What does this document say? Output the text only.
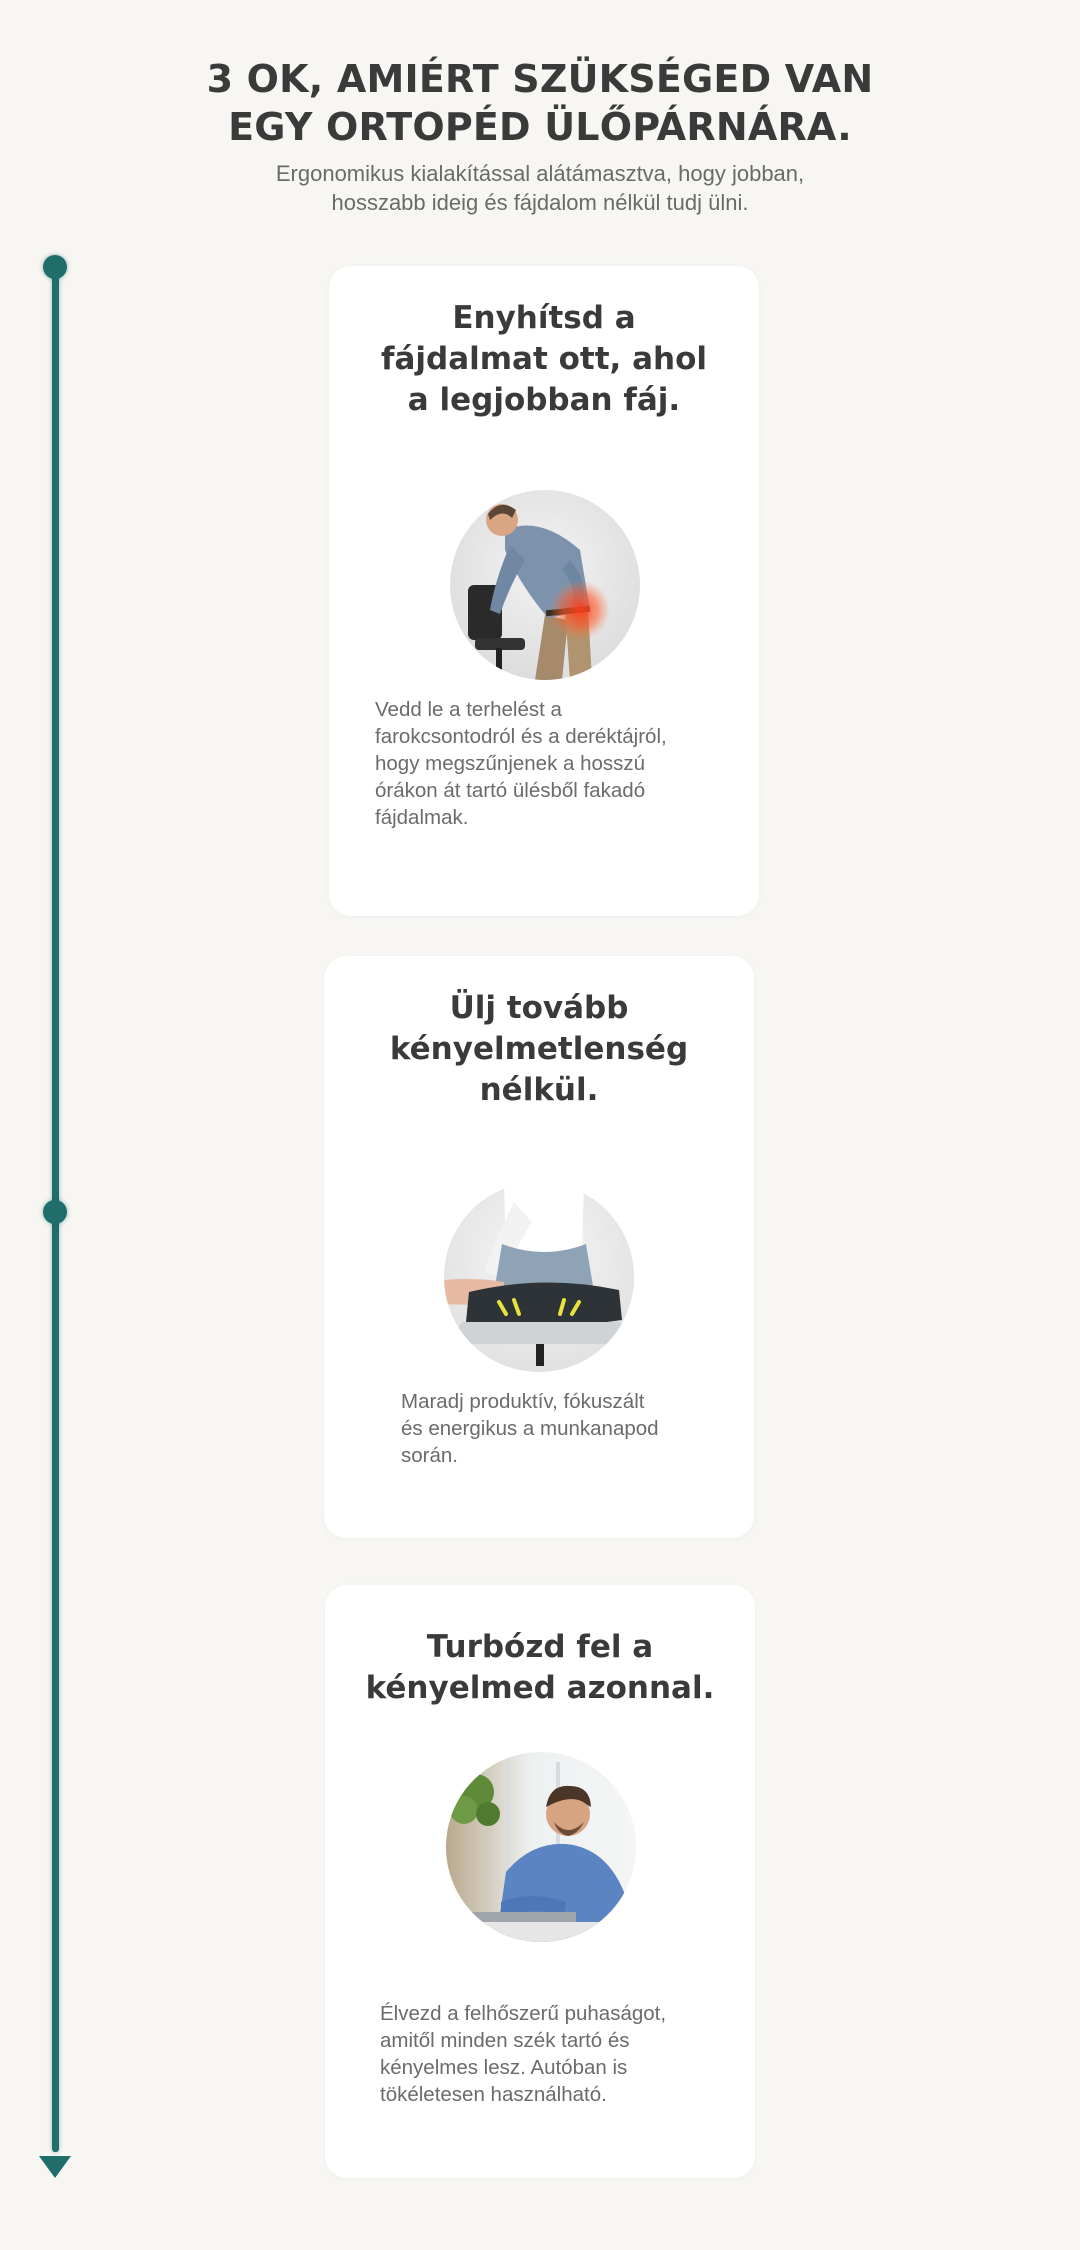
3 OK, AMIÉRT SZÜKSÉGED VAN
EGY ORTOPÉD ÜLŐPÁRNÁRA.

Ergonomikus kialakítással alátámasztva, hogy jobban,
hosszabb ideig és fájdalom nélkül tudj ülni.

Enyhítsd a
fájdalmat ott, ahol
a legjobban fáj.

Vedd le a terhelést a
farokcsontodról és a deréktájról,
hogy megszűnjenek a hosszú
órákon át tartó ülésből fakadó
fájdalmak.

Ülj tovább
kényelmetlenség
nélkül.

Maradj produktív, fókuszált
és energikus a munkanapod
során.

Turbózd fel a
kényelmed azonnal.

Élvezd a felhőszerű puhaságot,
amitől minden szék tartó és
kényelmes lesz. Autóban is
tökéletesen használható.
